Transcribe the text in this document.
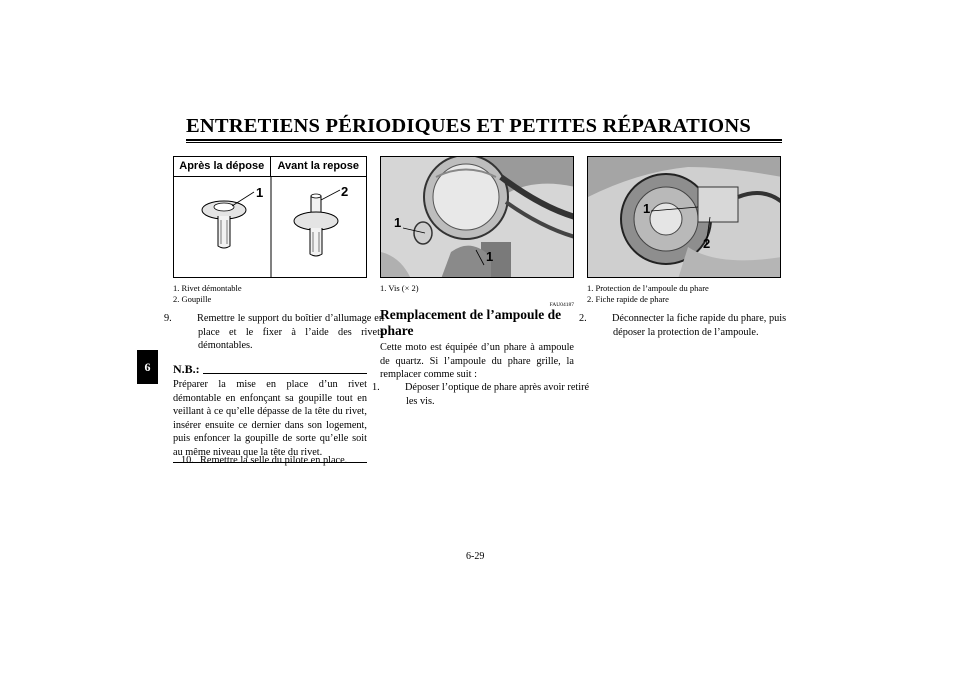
ENTRETIENS PÉRIODIQUES ET PETITES RÉPARATIONS
6
Après la dépose	Avant la repose
1	2
1. Rivet démontable
2. Goupille
9. Remettre le support du boîtier d’allumage en place et le fixer à l’aide des rivets démontables.
N.B.:
Préparer la mise en place d’un rivet démontable en enfonçant sa goupille tout en veillant à ce qu’elle dépasse de la tête du rivet, insérer ensuite ce dernier dans son logement, puis enfoncer la goupille de sorte qu’elle soit au même niveau que la tête du rivet.
10. Remettre la selle du pilote en place.
1
1
1. Vis (× 2)
FAU04187
Remplacement de l’ampoule de phare
Cette moto est équipée d’un phare à ampoule de quartz. Si l’ampoule du phare grille, la remplacer comme suit :
1. Déposer l’optique de phare après avoir retiré les vis.
1
2
1. Protection de l’ampoule du phare
2. Fiche rapide de phare
2. Déconnecter la fiche rapide du phare, puis déposer la protection de l’ampoule.
6-29
